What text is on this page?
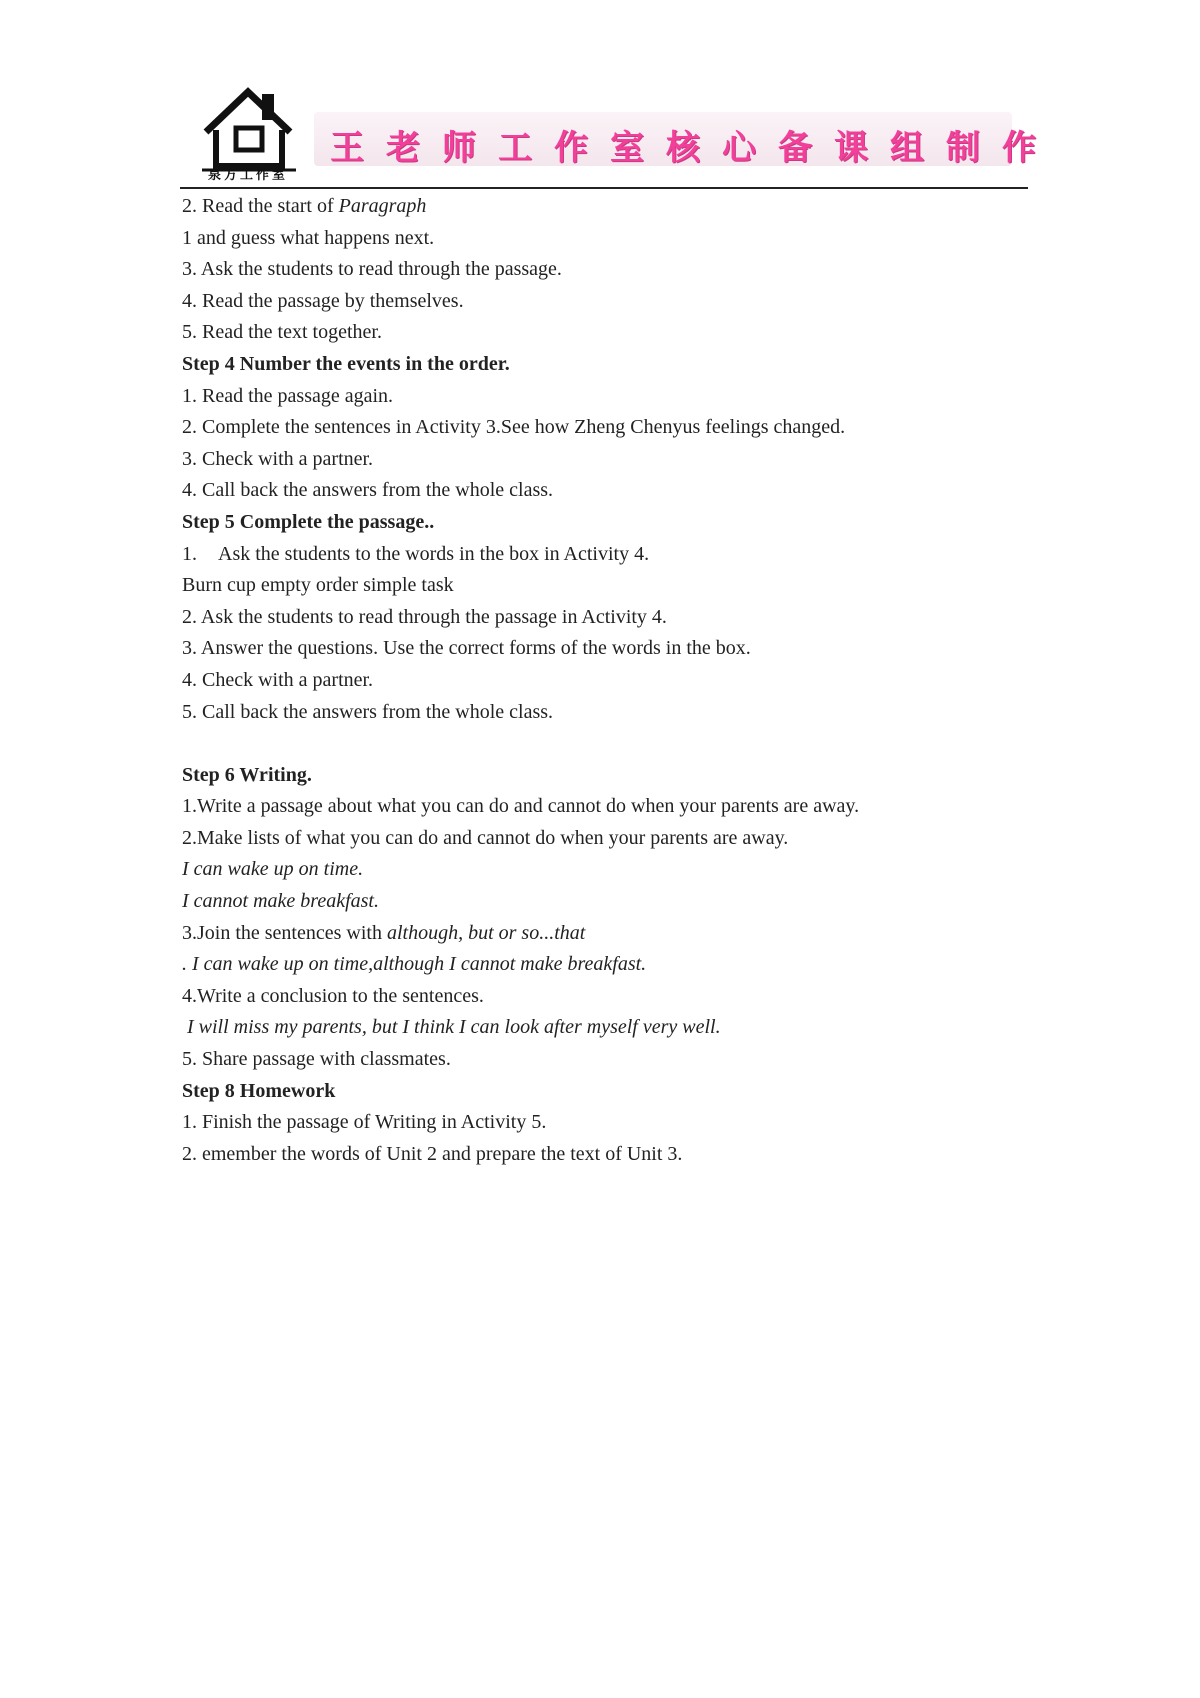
泉方工作室
王老师工作室核心备课组制作
2. Read the start of Paragraph
1 and guess what happens next.
3. Ask the students to read through the passage.
4. Read the passage by themselves.
5. Read the text together.
Step 4 Number the events in the order.
1. Read the passage again.
2. Complete the sentences in Activity 3.See how Zheng Chenyus feelings changed.
3. Check with a partner.
4. Call back the answers from the whole class.
Step 5 Complete the passage..
1. Ask the students to the words in the box in Activity 4.
Burn cup empty order simple task
2. Ask the students to read through the passage in Activity 4.
3. Answer the questions. Use the correct forms of the words in the box.
4. Check with a partner.
5. Call back the answers from the whole class.
Step 6 Writing.
1.Write a passage about what you can do and cannot do when your parents are away.
2.Make lists of what you can do and cannot do when your parents are away.
I can wake up on time.
I cannot make breakfast.
3.Join the sentences with although, but or so...that
. I can wake up on time,although I cannot make breakfast.
4.Write a conclusion to the sentences.
I will miss my parents, but I think I can look after myself very well.
5. Share passage with classmates.
Step 8 Homework
1. Finish the passage of Writing in Activity 5.
2. emember the words of Unit 2 and prepare the text of Unit 3.
